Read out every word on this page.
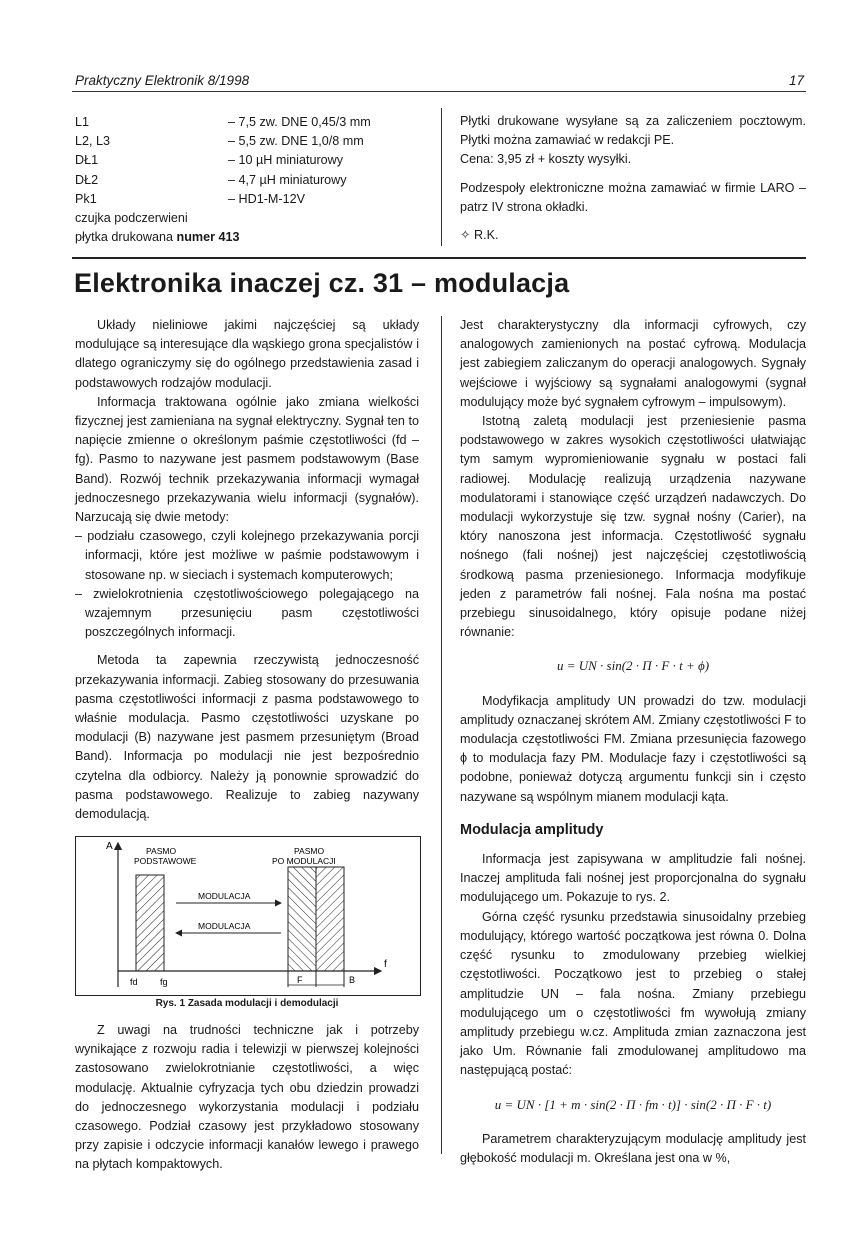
Praktyczny Elektronik 8/1998	17
L1	– 7,5 zw. DNE 0,45/3 mm
L2, L3	– 5,5 zw. DNE 1,0/8 mm
DŁ1	– 10 µH miniaturowy
DŁ2	– 4,7 µH miniaturowy
Pk1	– HD1-M-12V
czujka podczerwieni
płytka drukowana numer 413

Płytki drukowane wysyłane są za zaliczeniem pocztowym. Płytki można zamawiać w redakcji PE.

Cena: 3,95 zł + koszty wysyłki.

Podzespoły elektroniczne można zamawiać w firmie LARO – patrz IV strona okładki.

✧ R.K.

Elektronika inaczej cz. 31 – modulacja

Układy nieliniowe jakimi najczęściej są układy modulujące są interesujące dla wąskiego grona specjalistów i dlatego ograniczymy się do ogólnego przedstawienia zasad i podstawowych rodzajów modulacji.

Informacja traktowana ogólnie jako zmiana wielkości fizycznej jest zamieniana na sygnał elektryczny. Sygnał ten to napięcie zmienne o określonym paśmie częstotliwości (fd – fg). Pasmo to nazywane jest pasmem podstawowym (Base Band). Rozwój technik przekazywania informacji wymagał jednoczesnego przekazywania wielu informacji (sygnałów). Narzucają się dwie metody:

– podziału czasowego, czyli kolejnego przekazywania porcji informacji, które jest możliwe w paśmie podstawowym i stosowane np. w sieciach i systemach komputerowych;

– zwielokrotnienia częstotliwościowego polegającego na wzajemnym przesunięciu pasm częstotliwości poszczególnych informacji.

Metoda ta zapewnia rzeczywistą jednoczesność przekazywania informacji. Zabieg stosowany do przesuwania pasma częstotliwości informacji z pasma podstawowego to właśnie modulacja. Pasmo częstotliwości uzyskane po modulacji (B) nazywane jest pasmem przesuniętym (Broad Band). Informacja po modulacji nie jest bezpośrednio czytelna dla odbiorcy. Należy ją ponownie sprowadzić do pasma podstawowego. Realizuje to zabieg nazywany demodulacją.

A
f
PASMO
PODSTAWOWE
PASMO
PO MODULACJI
MODULACJA
MODULACJA
fd fg	F	B
Rys. 1 Zasada modulacji i demodulacji

Z uwagi na trudności techniczne jak i potrzeby wynikające z rozwoju radia i telewizji w pierwszej kolejności zastosowano zwielokrotnianie częstotliwości, a więc modulację. Aktualnie cyfryzacja tych obu dziedzin prowadzi do jednoczesnego wykorzystania modulacji i podziału czasowego. Podział czasowy jest przykładowo stosowany przy zapisie i odczycie informacji kanałów lewego i prawego na płytach kompaktowych.

Jest charakterystyczny dla informacji cyfrowych, czy analogowych zamienionych na postać cyfrową. Modulacja jest zabiegiem zaliczanym do operacji analogowych. Sygnały wejściowe i wyjściowy są sygnałami analogowymi (sygnał modulujący może być sygnałem cyfrowym – impulsowym).

Istotną zaletą modulacji jest przeniesienie pasma podstawowego w zakres wysokich częstotliwości ułatwiając tym samym wypromieniowanie sygnału w postaci fali radiowej. Modulację realizują urządzenia nazywane modulatorami i stanowiące część urządzeń nadawczych. Do modulacji wykorzystuje się tzw. sygnał nośny (Carier), na który nanoszona jest informacja. Częstotliwość sygnału nośnego (fali nośnej) jest najczęściej częstotliwością środkową pasma przeniesionego. Informacja modyfikuje jeden z parametrów fali nośnej. Fala nośna ma postać przebiegu sinusoidalnego, który opisuje podane niżej równanie:

u = UN · sin(2 · Π · F · t + ϕ)

Modyfikacja amplitudy UN prowadzi do tzw. modulacji amplitudy oznaczanej skrótem AM. Zmiany częstotliwości F to modulacja częstotliwości FM. Zmiana przesunięcia fazowego ϕ to modulacja fazy PM. Modulacje fazy i częstotliwości są podobne, ponieważ dotyczą argumentu funkcji sin i często nazywane są wspólnym mianem modulacji kąta.

Modulacja amplitudy

Informacja jest zapisywana w amplitudzie fali nośnej. Inaczej amplituda fali nośnej jest proporcjonalna do sygnału modulującego um. Pokazuje to rys. 2.

Górna część rysunku przedstawia sinusoidalny przebieg modulujący, którego wartość początkowa jest równa 0. Dolna część rysunku to zmodulowany przebieg wielkiej częstotliwości. Początkowo jest to przebieg o stałej amplitudzie UN – fala nośna. Zmiany przebiegu modulującego um o częstotliwości fm wywołują zmiany amplitudy przebiegu w.cz. Amplituda zmian zaznaczona jest jako Um. Równanie fali zmodulowanej amplitudowo ma następującą postać:

u = UN · [1 + m · sin(2 · Π · fm · t)] · sin(2 · Π · F · t)

Parametrem charakteryzującym modulację amplitudy jest głębokość modulacji m. Określana jest ona w %,
